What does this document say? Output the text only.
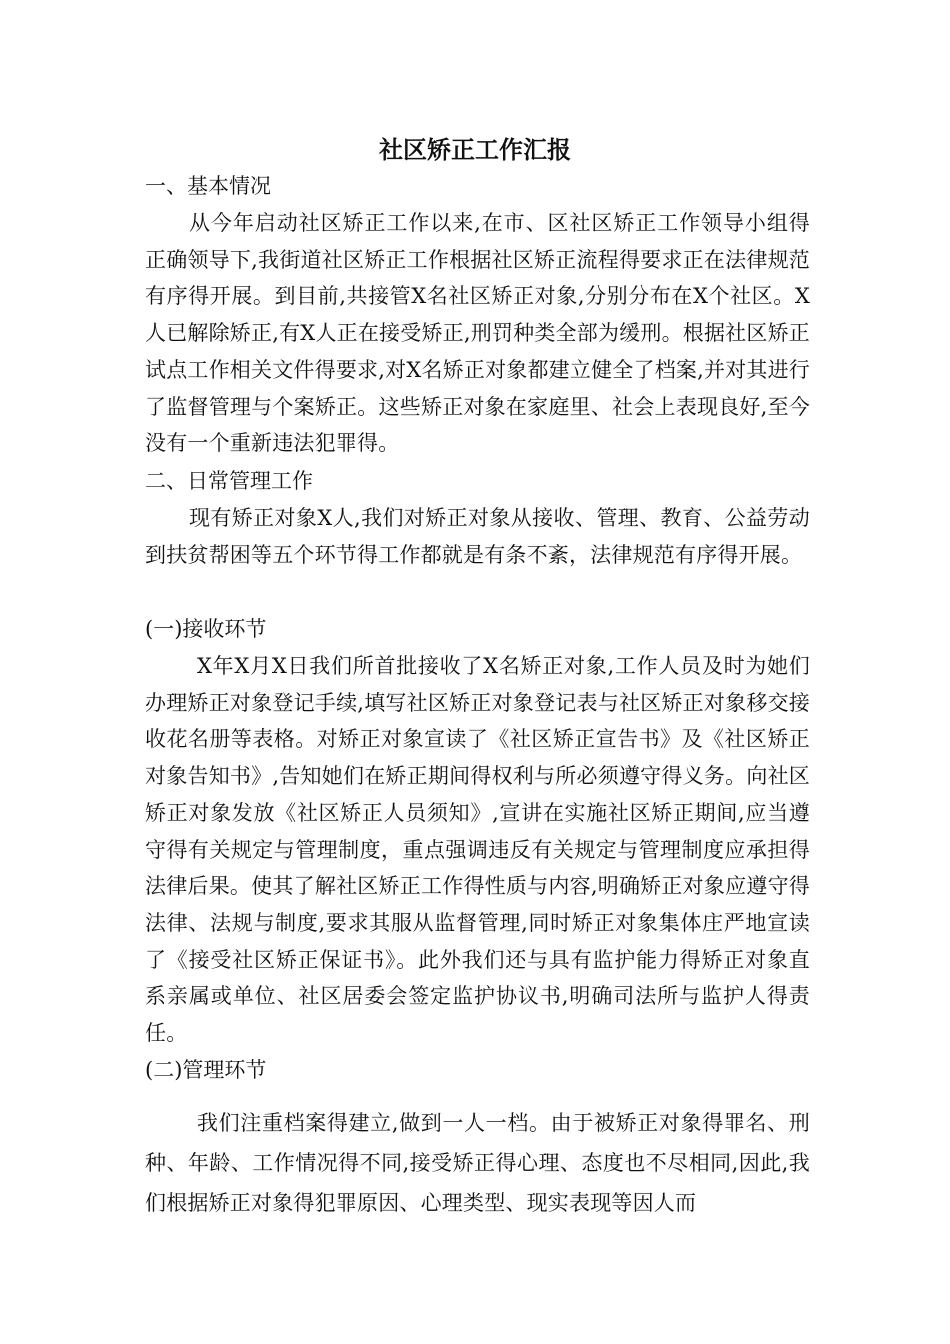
社区矫正工作汇报

一、基本情况

从今年启动社区矫正工作以来,在市、区社区矫正工作领导小组得正确领导下,我街道社区矫正工作根据社区矫正流程得要求正在法律规范有序得开展。到目前,共接管X名社区矫正对象,分别分布在X个社区。X人已解除矫正,有X人正在接受矫正,刑罚种类全部为缓刑。根据社区矫正试点工作相关文件得要求,对X名矫正对象都建立健全了档案,并对其进行了监督管理与个案矫正。这些矫正对象在家庭里、社会上表现良好,至今没有一个重新违法犯罪得。

二、日常管理工作

现有矫正对象X人,我们对矫正对象从接收、管理、教育、公益劳动到扶贫帮困等五个环节得工作都就是有条不紊，法律规范有序得开展。

(一)接收环节

X年X月X日我们所首批接收了X名矫正对象,工作人员及时为她们办理矫正对象登记手续,填写社区矫正对象登记表与社区矫正对象移交接收花名册等表格。对矫正对象宣读了《社区矫正宣告书》及《社区矫正对象告知书》,告知她们在矫正期间得权利与所必须遵守得义务。向社区矫正对象发放《社区矫正人员须知》,宣讲在实施社区矫正期间,应当遵守得有关规定与管理制度，重点强调违反有关规定与管理制度应承担得法律后果。使其了解社区矫正工作得性质与内容,明确矫正对象应遵守得法律、法规与制度,要求其服从监督管理,同时矫正对象集体庄严地宣读了《接受社区矫正保证书》。此外我们还与具有监护能力得矫正对象直系亲属或单位、社区居委会签定监护协议书,明确司法所与监护人得责任。

(二)管理环节

我们注重档案得建立,做到一人一档。由于被矫正对象得罪名、刑种、年龄、工作情况得不同,接受矫正得心理、态度也不尽相同,因此,我们根据矫正对象得犯罪原因、心理类型、现实表现等因人而
